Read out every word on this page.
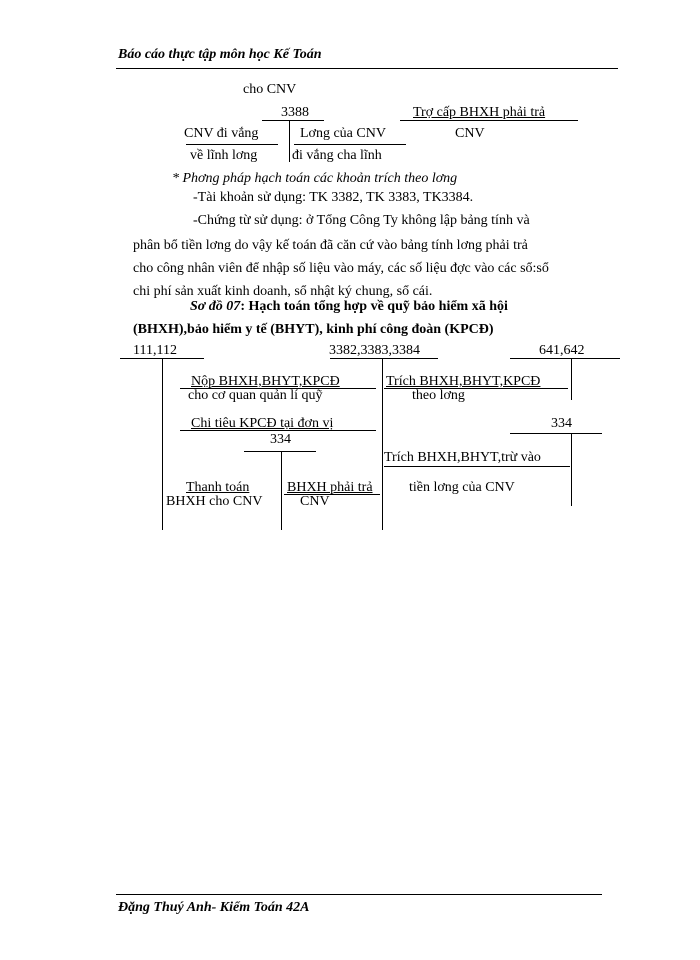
Báo cáo thực tập môn học Kế Toán
cho CNV
3388	Trợ cấp BHXH phải trả
CNV
CNV đi vắng
về lĩnh lơng
Lơng của CNV
đi vắng cha lĩnh
* Phơng pháp hạch toán các khoản trích theo lơng
-Tài khoản sử dụng: TK 3382, TK 3383, TK3384.
-Chứng từ sử dụng: ở Tổng Công Ty không lập bảng tính và
phân bổ tiền lơng do vậy kế toán đã căn cứ vào bảng tính lơng phải trả
cho công nhân viên để nhập số liệu vào máy, các số liệu đợc vào các sổ:sổ
chi phí sản xuất kinh doanh, sổ nhật ký chung, sổ cái.
Sơ đồ 07: Hạch toán tổng hợp về quỹ bảo hiểm xã hội
(BHXH),bảo hiểm y tế (BHYT), kinh phí công đoàn (KPCĐ)
111,112	3382,3383,3384	641,642
Nộp BHXH,BHYT,KPCĐ
cho cơ quan quản lí quỹ
Trích BHXH,BHYT,KPCĐ
theo lơng
Chi tiêu KPCĐ tại đơn vị
334
334
Trích BHXH,BHYT,trừ vào
tiền lơng của CNV
Thanh toán
BHXH cho CNV
BHXH phải trả
CNV
Đặng Thuý Anh- Kiểm Toán 42A
